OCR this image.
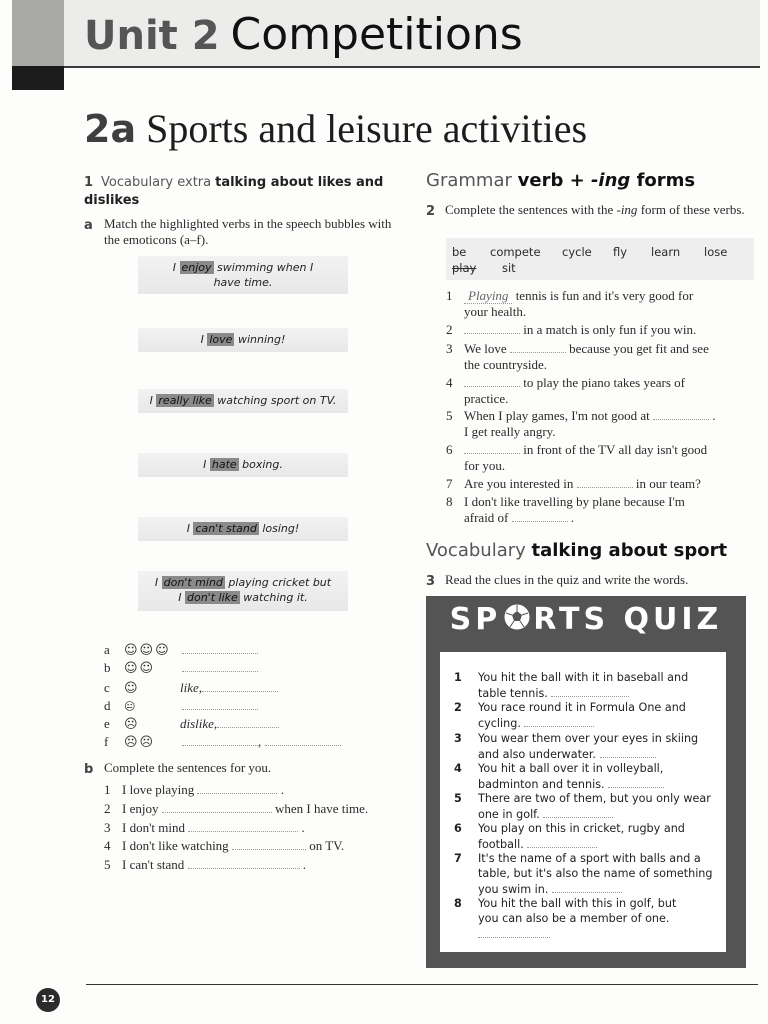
Unit 2 Competitions
2a Sports and leisure activities
1 Vocabulary extra talking about likes and dislikes
a Match the highlighted verbs in the speech bubbles with the emoticons (a–f).
I enjoy swimming when I
have time.
I love winning!
I really like watching sport on TV.
I hate boxing.
I can't stand losing!
I don't mind playing cricket but
I don't like watching it.
a ☺☺☺
b ☺☺
c ☺	like,
d 😐
e ☹	dislike,
f ☹☹	,
b Complete the sentences for you.
1 I love playing	.
2 I enjoy	when I have time.
3 I don't mind	.
4 I don't like watching	on TV.
5 I can't stand	.
Grammar verb + -ing forms
2 Complete the sentences with the -ing form of these verbs.
be compete cycle fly learn lose
play sit
1 Playing tennis is fun and it's very good for
your health.
2	in a match is only fun if you win.
3 We love	because you get fit and see
the countryside.
4	to play the piano takes years of
practice.
5 When I play games, I'm not good at	.
I get really angry.
6	in front of the TV all day isn't good
for you.
7 Are you interested in	in our team?
8 I don't like travelling by plane because I'm
afraid of	.
Vocabulary talking about sport
3 Read the clues in the quiz and write the words.
SP RTS QUIZ
1 You hit the ball with it in baseball and
table tennis.
2 You race round it in Formula One and
cycling.
3 You wear them over your eyes in skiing
and also underwater.
4 You hit a ball over it in volleyball,
badminton and tennis.
5 There are two of them, but you only wear
one in golf.
6 You play on this in cricket, rugby and
football.
7 It's the name of a sport with balls and a
table, but it's also the name of something
you swim in.
8 You hit the ball with this in golf, but
you can also be a member of one.

12
